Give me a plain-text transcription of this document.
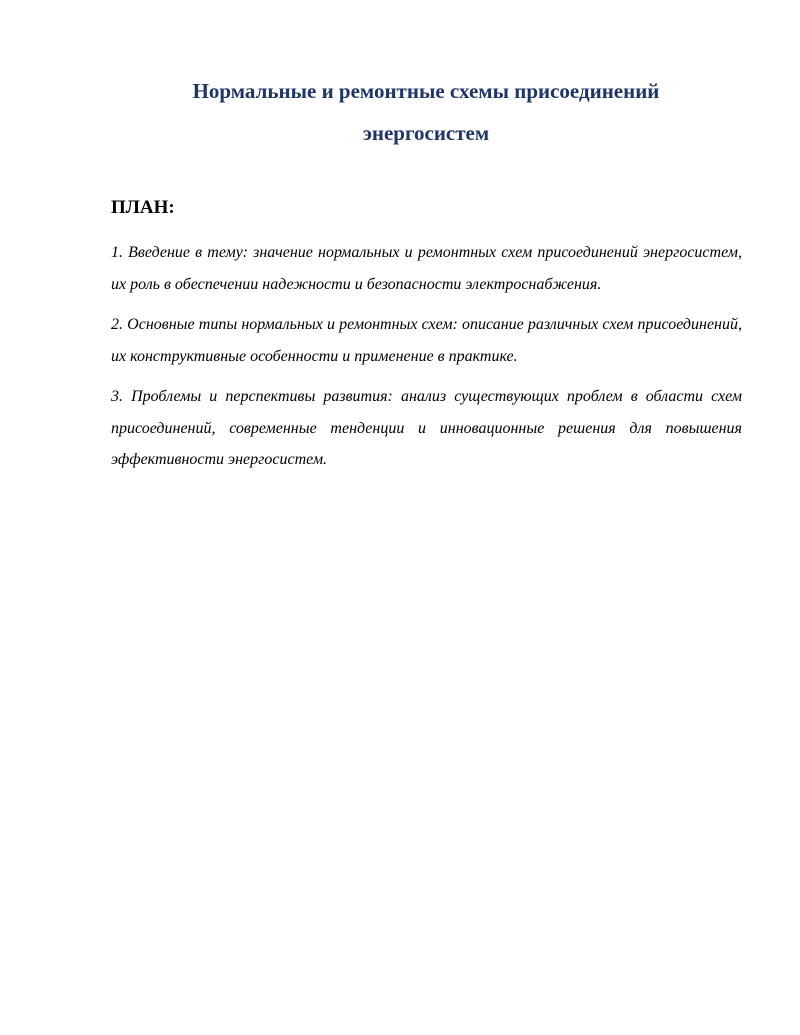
Нормальные и ремонтные схемы присоединений
энергосистем

ПЛАН:

1. Введение в тему: значение нормальных и ремонтных схем присоединений энергосистем, их роль в обеспечении надежности и безопасности электроснабжения.
2. Основные типы нормальных и ремонтных схем: описание различных схем присоединений, их конструктивные особенности и применение в практике.
3. Проблемы и перспективы развития: анализ существующих проблем в области схем присоединений, современные тенденции и инновационные решения для повышения эффективности энергосистем.
